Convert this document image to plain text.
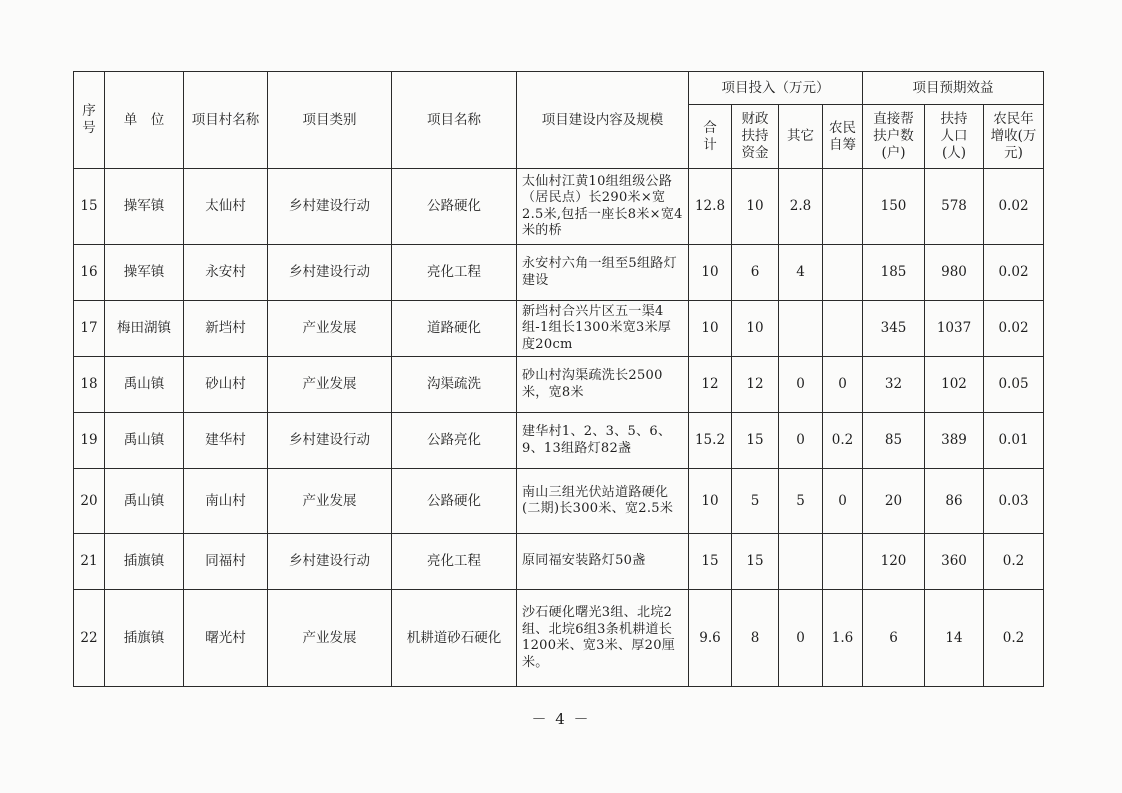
序号	单　位	项目村名称	项目类别	项目名称	项目建设内容及规模	项目投入（万元）				项目预期效益		
						合计	财政扶持资金	其它	农民自筹	直接帮扶户数(户)	扶持人口(人)	农民年增收(万元)
15	操军镇	太仙村	乡村建设行动	公路硬化	太仙村江黄10组组级公路（居民点）长290米×宽2.5米,包括一座长8米×宽4米的桥	12.8	10	2.8		150	578	0.02
16	操军镇	永安村	乡村建设行动	亮化工程	永安村六角一组至5组路灯建设	10	6	4		185	980	0.02
17	梅田湖镇	新垱村	产业发展	道路硬化	新垱村合兴片区五一渠4组-1组长1300米宽3米厚度20cm	10	10			345	1037	0.02
18	禹山镇	砂山村	产业发展	沟渠疏洗	砂山村沟渠疏洗长2500米，宽8米	12	12	0	0	32	102	0.05
19	禹山镇	建华村	乡村建设行动	公路亮化	建华村1、2、3、5、6、9、13组路灯82盏	15.2	15	0	0.2	85	389	0.01
20	禹山镇	南山村	产业发展	公路硬化	南山三组光伏站道路硬化(二期)长300米、宽2.5米	10	5	5	0	20	86	0.03
21	插旗镇	同福村	乡村建设行动	亮化工程	原同福安装路灯50盏	15	15			120	360	0.2
22	插旗镇	曙光村	产业发展	机耕道砂石硬化	沙石硬化曙光3组、北垸2组、北垸6组3条机耕道长1200米、宽3米、厚20厘米。	9.6	8	0	1.6	6	14	0.2
－ 4 －
